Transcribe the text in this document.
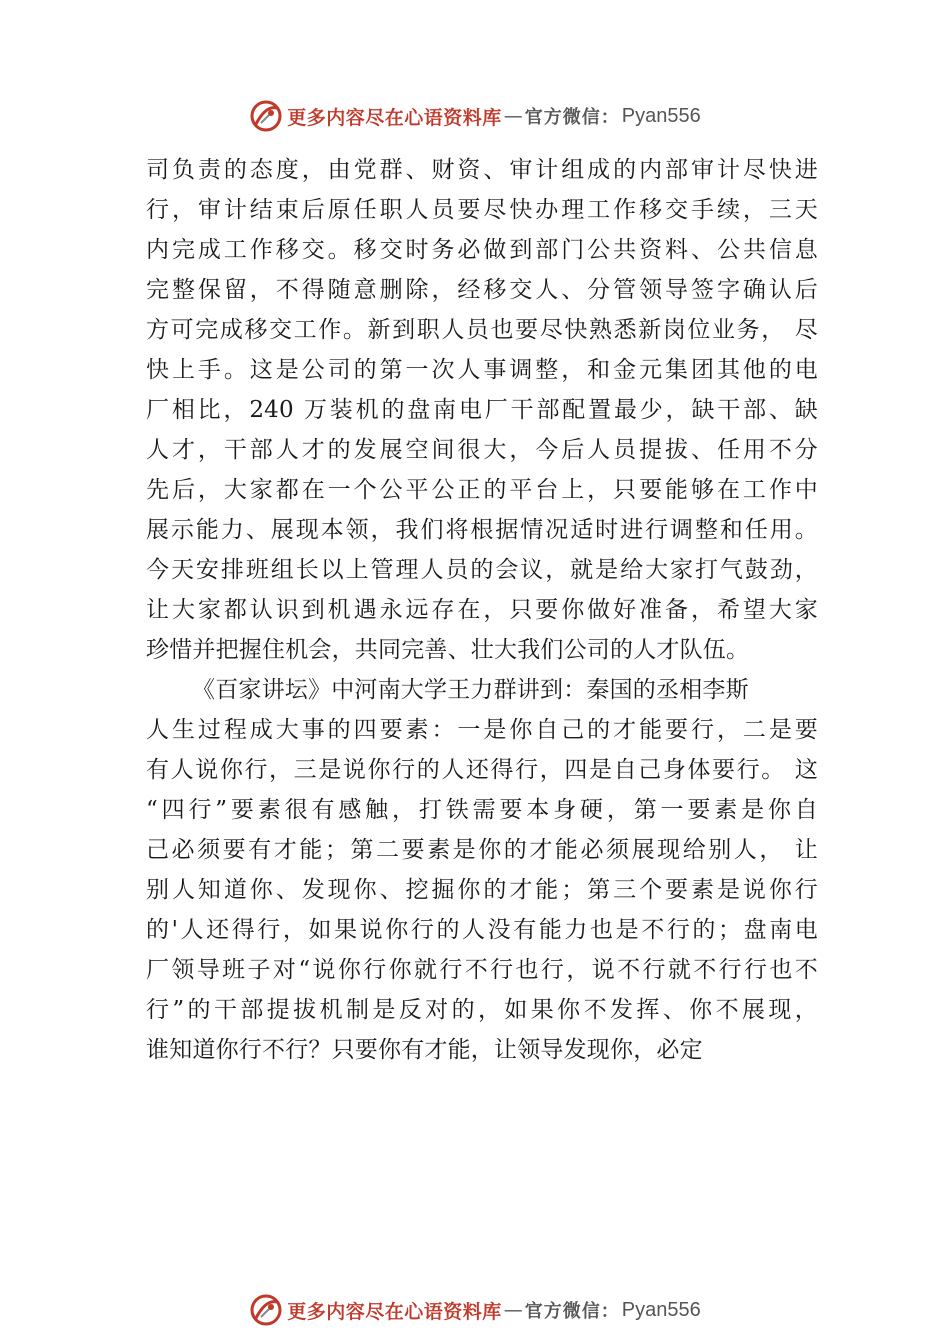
更多内容尽在心语资料库 — 官方微信： Pyan556
司负责的态度，由党群、财资、审计组成的内部审计尽快进
行，审计结束后原任职人员要尽快办理工作移交手续，三天
内完成工作移交。移交时务必做到部门公共资料、公共信息
完整保留，不得随意删除，经移交人、分管领导签字确认后
方可完成移交工作。新到职人员也要尽快熟悉新岗位业务， 尽
快上手。这是公司的第一次人事调整，和金元集团其他的电
厂相比，240 万装机的盘南电厂干部配置最少，缺干部、缺
人才，干部人才的发展空间很大，今后人员提拔、任用不分
先后，大家都在一个公平公正的平台上，只要能够在工作中
展示能力、展现本领，我们将根据情况适时进行调整和任用。
今天安排班组长以上管理人员的会议，就是给大家打气鼓劲，
让大家都认识到机遇永远存在，只要你做好准备，希望大家
珍惜并把握住机会，共同完善、壮大我们公司的人才队伍。
《百家讲坛》中河南大学王力群讲到：秦国的丞相李斯
人生过程成大事的四要素：一是你自己的才能要行，二是要
有人说你行，三是说你行的人还得行，四是自己身体要行。 这
“四行”要素很有感触，打铁需要本身硬，第一要素是你自
己必须要有才能；第二要素是你的才能必须展现给别人， 让
别人知道你、发现你、挖掘你的才能；第三个要素是说你行
的'人还得行，如果说你行的人没有能力也是不行的；盘南电
厂领导班子对“说你行你就行不行也行，说不行就不行行也不
行”的干部提拔机制是反对的，如果你不发挥、你不展现，
谁知道你行不行？只要你有才能，让领导发现你，必定
更多内容尽在心语资料库 — 官方微信： Pyan556
